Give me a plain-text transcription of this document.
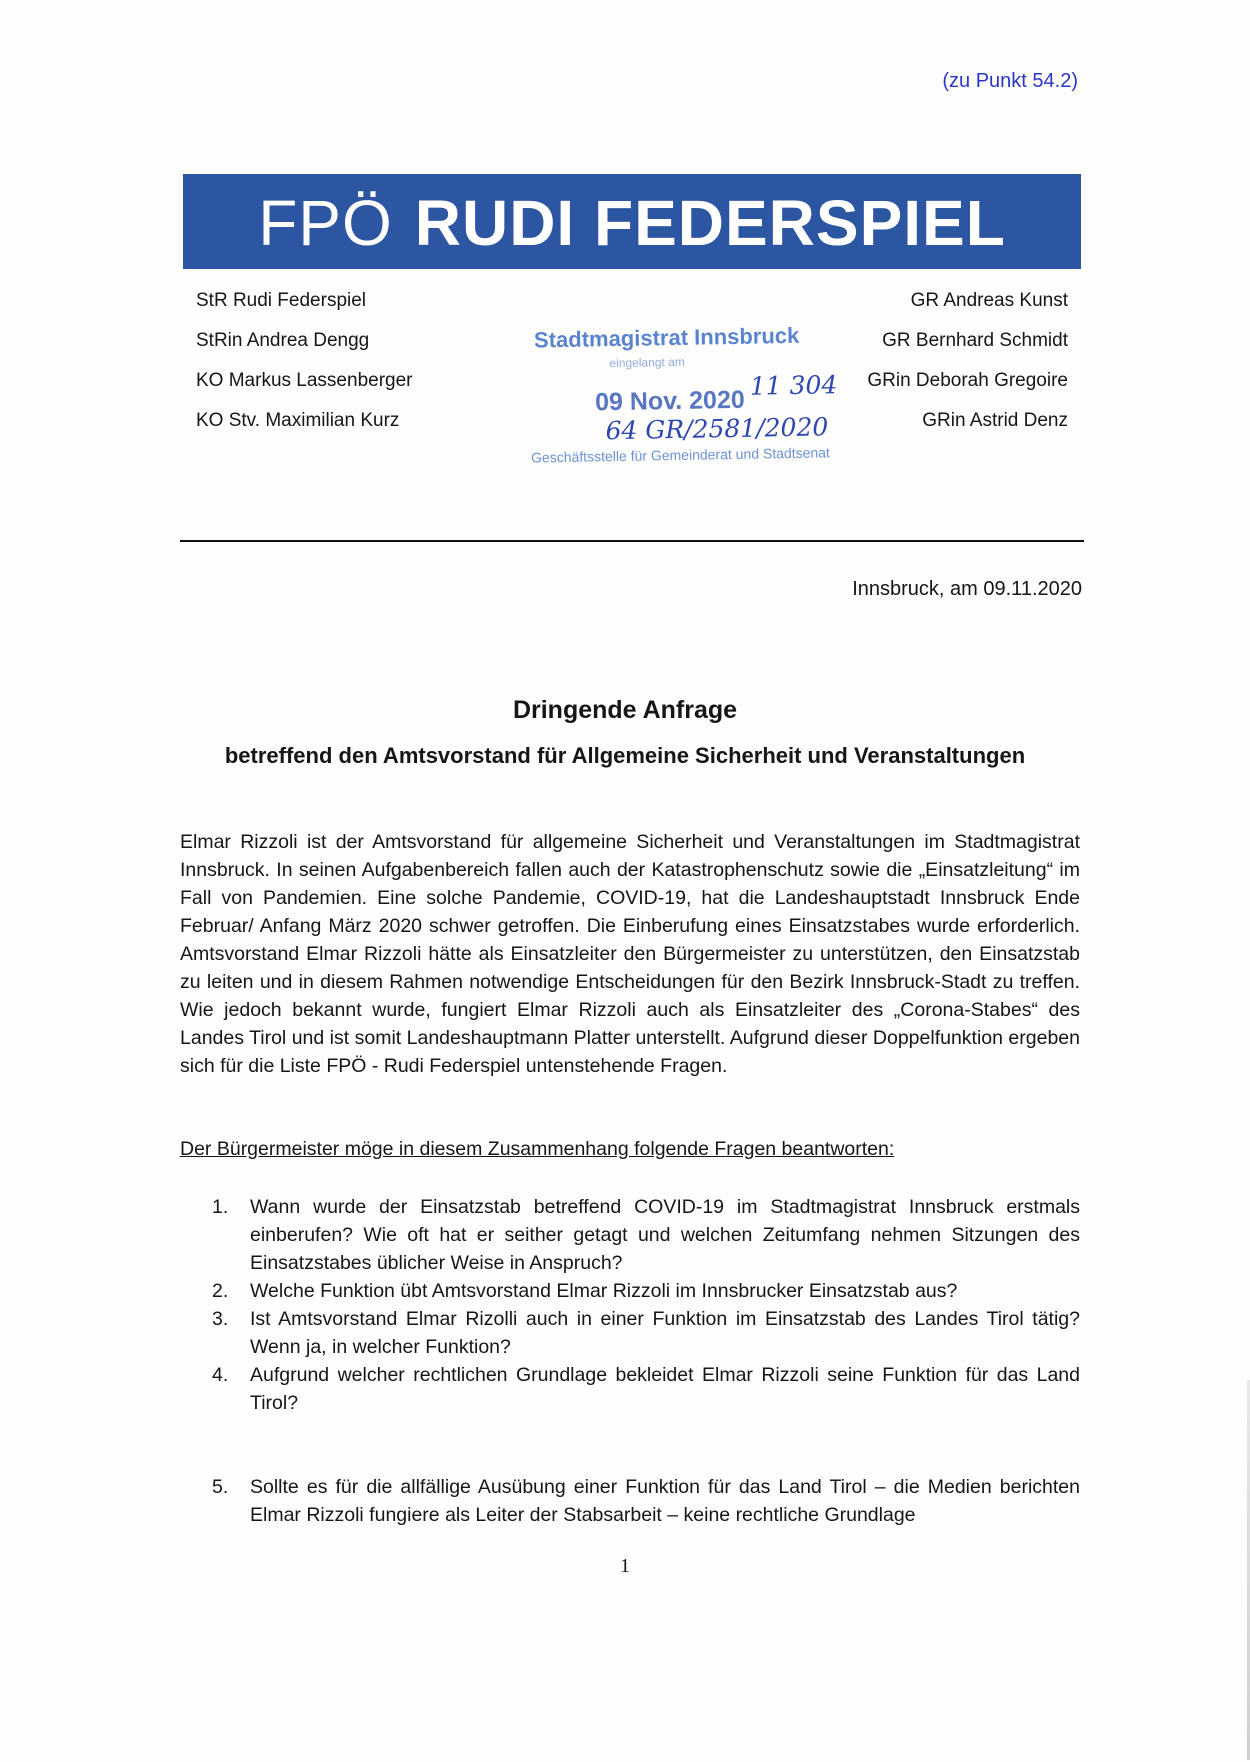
(zu Punkt 54.2)
FPÖ RUDI FEDERSPIEL
StR Rudi Federspiel
StRin Andrea Dengg
KO Markus Lassenberger
KO Stv. Maximilian Kurz
GR Andreas Kunst
GR Bernhard Schmidt
GRin Deborah Gregoire
GRin Astrid Denz
Stadtmagistrat Innsbruck
eingelangt am
09 Nov. 2020
11 304
64 GR/2581/2020
Geschäftsstelle für Gemeinderat und Stadtsenat
Innsbruck, am 09.11.2020
Dringende Anfrage
betreffend den Amtsvorstand für Allgemeine Sicherheit und Veranstaltungen
Elmar Rizzoli ist der Amtsvorstand für allgemeine Sicherheit und Veranstaltungen im Stadtmagistrat Innsbruck. In seinen Aufgabenbereich fallen auch der Katastrophenschutz sowie die „Einsatzleitung“ im Fall von Pandemien. Eine solche Pandemie, COVID-19, hat die Landeshauptstadt Innsbruck Ende Februar/ Anfang März 2020 schwer getroffen. Die Einberufung eines Einsatzstabes wurde erforderlich. Amtsvorstand Elmar Rizzoli hätte als Einsatzleiter den Bürgermeister zu unterstützen, den Einsatzstab zu leiten und in diesem Rahmen notwendige Entscheidungen für den Bezirk Innsbruck-Stadt zu treffen. Wie jedoch bekannt wurde, fungiert Elmar Rizzoli auch als Einsatzleiter des „Corona-Stabes“ des Landes Tirol und ist somit Landeshauptmann Platter unterstellt. Aufgrund dieser Doppelfunktion ergeben sich für die Liste FPÖ - Rudi Federspiel untenstehende Fragen.
Der Bürgermeister möge in diesem Zusammenhang folgende Fragen beantworten:
1. Wann wurde der Einsatzstab betreffend COVID-19 im Stadtmagistrat Innsbruck erstmals einberufen? Wie oft hat er seither getagt und welchen Zeitumfang nehmen Sitzungen des Einsatzstabes üblicher Weise in Anspruch?
2. Welche Funktion übt Amtsvorstand Elmar Rizzoli im Innsbrucker Einsatzstab aus?
3. Ist Amtsvorstand Elmar Rizolli auch in einer Funktion im Einsatzstab des Landes Tirol tätig? Wenn ja, in welcher Funktion?
4. Aufgrund welcher rechtlichen Grundlage bekleidet Elmar Rizzoli seine Funktion für das Land Tirol?
5. Sollte es für die allfällige Ausübung einer Funktion für das Land Tirol – die Medien berichten Elmar Rizzoli fungiere als Leiter der Stabsarbeit – keine rechtliche Grundlage
1
